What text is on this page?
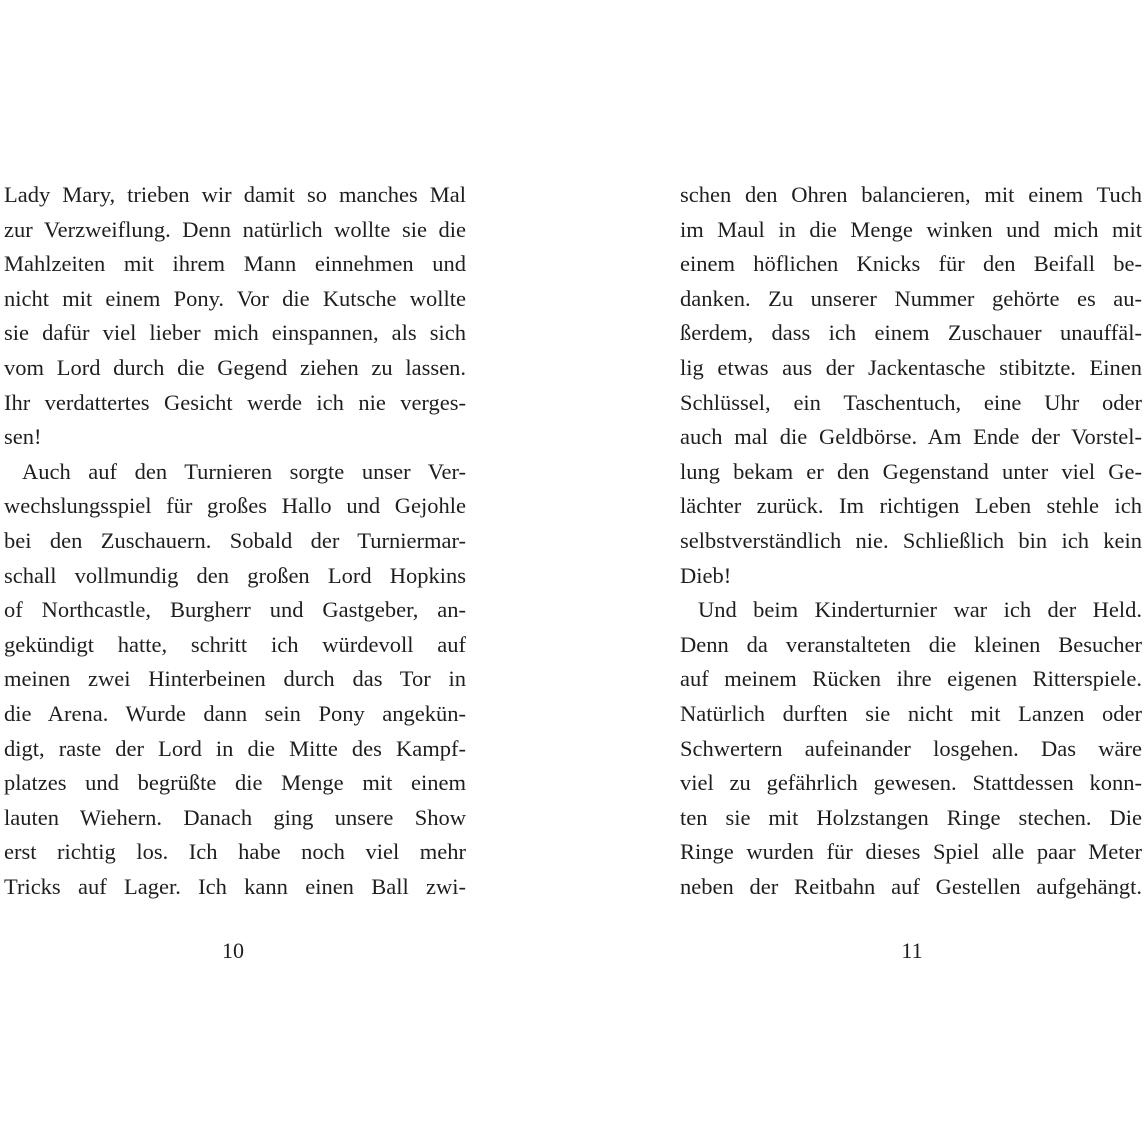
Lady Mary, trieben wir damit so manches Mal
zur Verzweiflung. Denn natürlich wollte sie die
Mahlzeiten mit ihrem Mann einnehmen und
nicht mit einem Pony. Vor die Kutsche wollte
sie dafür viel lieber mich einspannen, als sich
vom Lord durch die Gegend ziehen zu lassen.
Ihr verdattertes Gesicht werde ich nie verges-
sen!
Auch auf den Turnieren sorgte unser Ver-
wechslungsspiel für großes Hallo und Gejohle
bei den Zuschauern. Sobald der Turniermar-
schall vollmundig den großen Lord Hopkins
of Northcastle, Burgherr und Gastgeber, an-
gekündigt hatte, schritt ich würdevoll auf
meinen zwei Hinterbeinen durch das Tor in
die Arena. Wurde dann sein Pony angekün-
digt, raste der Lord in die Mitte des Kampf-
platzes und begrüßte die Menge mit einem
lauten Wiehern. Danach ging unsere Show
erst richtig los. Ich habe noch viel mehr
Tricks auf Lager. Ich kann einen Ball zwi-
schen den Ohren balancieren, mit einem Tuch
im Maul in die Menge winken und mich mit
einem höflichen Knicks für den Beifall be-
danken. Zu unserer Nummer gehörte es au-
ßerdem, dass ich einem Zuschauer unauffäl-
lig etwas aus der Jackentasche stibitzte. Einen
Schlüssel, ein Taschentuch, eine Uhr oder
auch mal die Geldbörse. Am Ende der Vorstel-
lung bekam er den Gegenstand unter viel Ge-
lächter zurück. Im richtigen Leben stehle ich
selbstverständlich nie. Schließlich bin ich kein
Dieb!
Und beim Kinderturnier war ich der Held.
Denn da veranstalteten die kleinen Besucher
auf meinem Rücken ihre eigenen Ritterspiele.
Natürlich durften sie nicht mit Lanzen oder
Schwertern aufeinander losgehen. Das wäre
viel zu gefährlich gewesen. Stattdessen konn-
ten sie mit Holzstangen Ringe stechen. Die
Ringe wurden für dieses Spiel alle paar Meter
neben der Reitbahn auf Gestellen aufgehängt.
10	11
